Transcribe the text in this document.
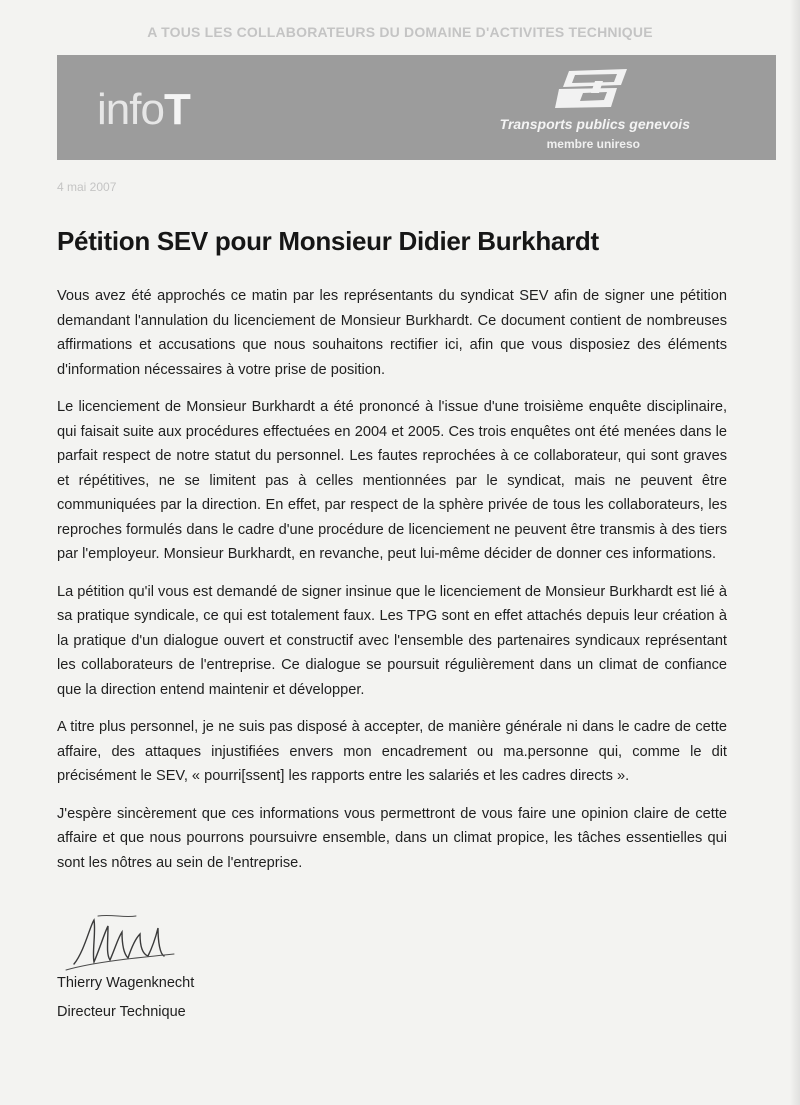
A TOUS LES COLLABORATEURS DU DOMAINE D'ACTIVITES TECHNIQUE
infoT	Transports publics genevois
membre unireso
4 mai 2007
Pétition SEV pour Monsieur Didier Burkhardt

Vous avez été approchés ce matin par les représentants du syndicat SEV afin de signer une pétition demandant l'annulation du licenciement de Monsieur Burkhardt. Ce document contient de nombreuses affirmations et accusations que nous souhaitons rectifier ici, afin que vous disposiez des éléments d'information nécessaires à votre prise de position.

Le licenciement de Monsieur Burkhardt a été prononcé à l'issue d'une troisième enquête disciplinaire, qui faisait suite aux procédures effectuées en 2004 et 2005. Ces trois enquêtes ont été menées dans le parfait respect de notre statut du personnel. Les fautes reprochées à ce collaborateur, qui sont graves et répétitives, ne se limitent pas à celles mentionnées par le syndicat, mais ne peuvent être communiquées par la direction. En effet, par respect de la sphère privée de tous les collaborateurs, les reproches formulés dans le cadre d'une procédure de licenciement ne peuvent être transmis à des tiers par l'employeur. Monsieur Burkhardt, en revanche, peut lui-même décider de donner ces informations.

La pétition qu'il vous est demandé de signer insinue que le licenciement de Monsieur Burkhardt est lié à sa pratique syndicale, ce qui est totalement faux. Les TPG sont en effet attachés depuis leur création à la pratique d'un dialogue ouvert et constructif avec l'ensemble des partenaires syndicaux représentant les collaborateurs de l'entreprise. Ce dialogue se poursuit régulièrement dans un climat de confiance que la direction entend maintenir et développer.

A titre plus personnel, je ne suis pas disposé à accepter, de manière générale ni dans le cadre de cette affaire, des attaques injustifiées envers mon encadrement ou ma.personne qui, comme le dit précisément le SEV, « pourri[ssent] les rapports entre les salariés et les cadres directs ».

J'espère sincèrement que ces informations vous permettront de vous faire une opinion claire de cette affaire et que nous pourrons poursuivre ensemble, dans un climat propice, les tâches essentielles qui sont les nôtres au sein de l'entreprise.

Thierry Wagenknecht
Directeur Technique
